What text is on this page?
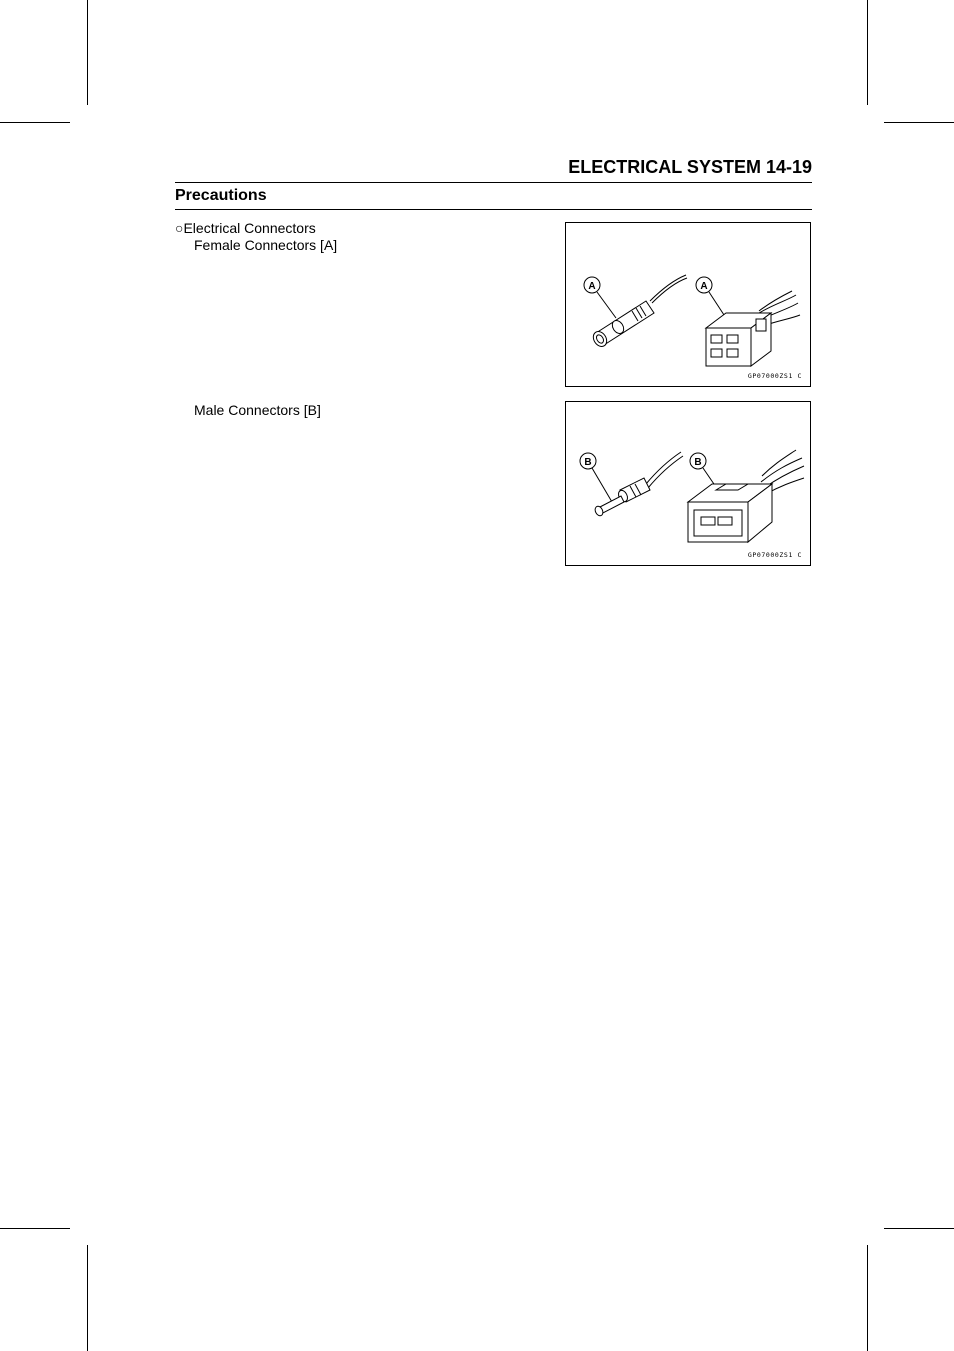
ELECTRICAL SYSTEM 14-19
Precautions
○Electrical Connectors
Female Connectors [A]
Male Connectors [B]
A	A
GP07000ZS1 C
B	B
GP07000ZS1 C
